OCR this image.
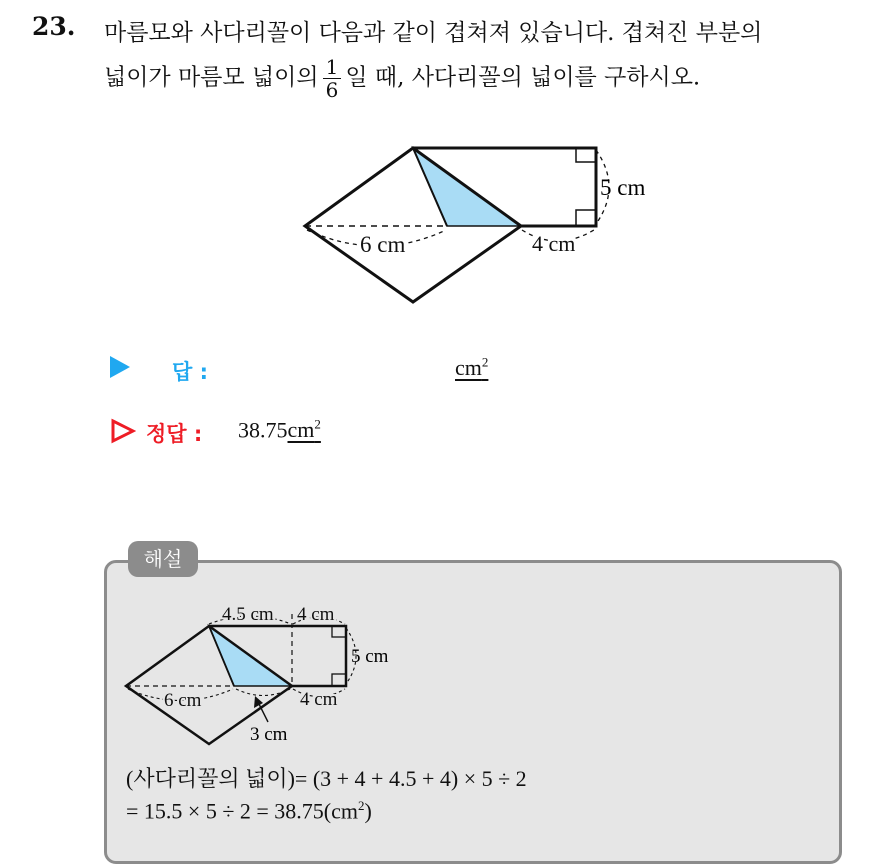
23. 마름모와 사다리꼴이 다음과 같이 겹쳐져 있습니다. 겹쳐진 부분의
넓이가 마름모 넓이의 $\frac{1}{6}$ 일 때, 사다리꼴의 넓이를 구하시오.
5 cm
6 cm	4 cm
답 :	$cm^2$
정답 : $38.75cm^2$
해설
4.5 cm 4 cm
5 cm
6 cm	4 cm
3 cm
(사다리꼴의 넓이)= (3 + 4 + 4.5 + 4) × 5 ÷ 2
= $15.5 \times 5 \div 2 = 38.75(cm^2)$
